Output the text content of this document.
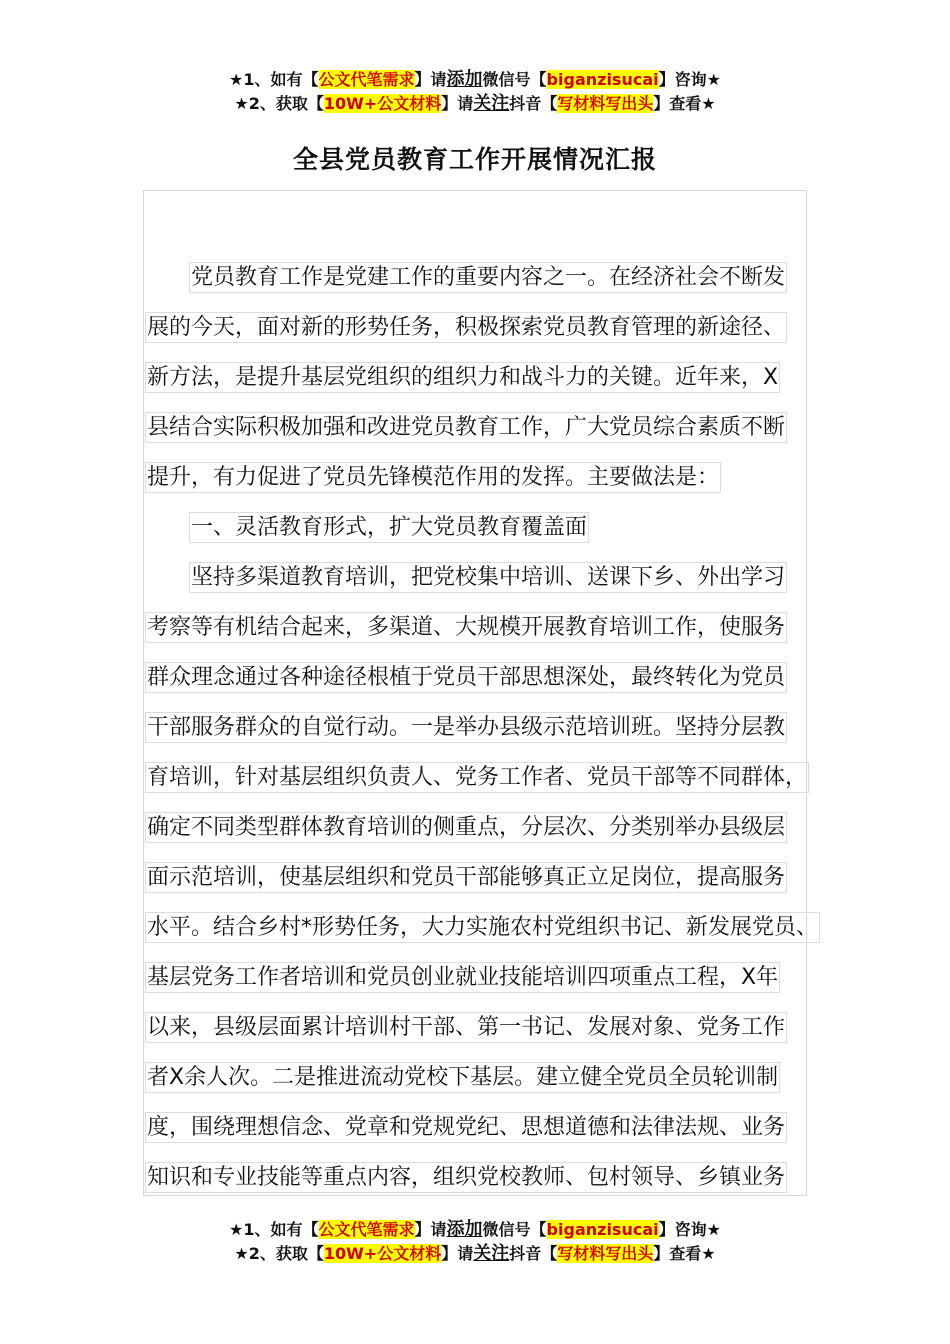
★1、如有【公文代笔需求】请添加微信号【biganzisucai】咨询★
★2、获取【10W+公文材料】请关注抖音【写材料写出头】查看★
全县党员教育工作开展情况汇报
党员教育工作是党建工作的重要内容之一。在经济社会不断发
展的今天，面对新的形势任务，积极探索党员教育管理的新途径、
新方法，是提升基层党组织的组织力和战斗力的关键。近年来，X
县结合实际积极加强和改进党员教育工作，广大党员综合素质不断
提升，有力促进了党员先锋模范作用的发挥。主要做法是：
一、灵活教育形式，扩大党员教育覆盖面
坚持多渠道教育培训，把党校集中培训、送课下乡、外出学习
考察等有机结合起来，多渠道、大规模开展教育培训工作，使服务
群众理念通过各种途径根植于党员干部思想深处，最终转化为党员
干部服务群众的自觉行动。一是举办县级示范培训班。坚持分层教
育培训，针对基层组织负责人、党务工作者、党员干部等不同群体，
确定不同类型群体教育培训的侧重点，分层次、分类别举办县级层
面示范培训，使基层组织和党员干部能够真正立足岗位，提高服务
水平。结合乡村*形势任务，大力实施农村党组织书记、新发展党员、
基层党务工作者培训和党员创业就业技能培训四项重点工程，X年
以来，县级层面累计培训村干部、第一书记、发展对象、党务工作
者X余人次。二是推进流动党校下基层。建立健全党员全员轮训制
度，围绕理想信念、党章和党规党纪、思想道德和法律法规、业务
知识和专业技能等重点内容，组织党校教师、包村领导、乡镇业务
★1、如有【公文代笔需求】请添加微信号【biganzisucai】咨询★
★2、获取【10W+公文材料】请关注抖音【写材料写出头】查看★
